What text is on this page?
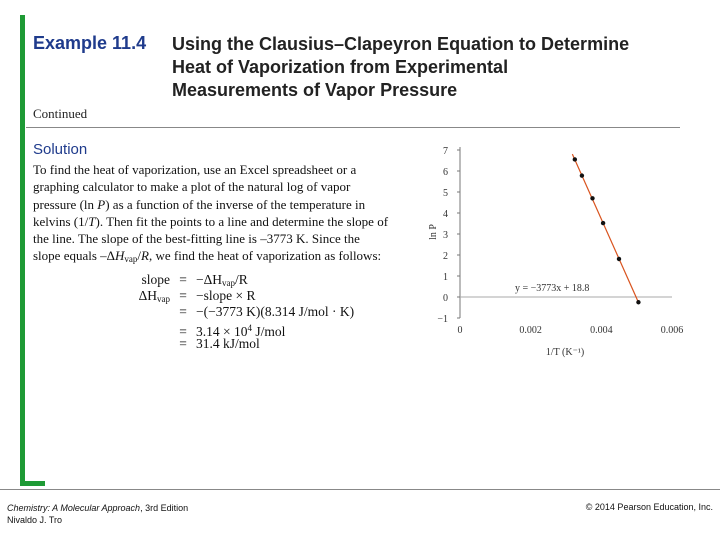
Example 11.4 Using the Clausius–Clapeyron Equation to Determine
Heat of Vaporization from Experimental
Measurements of Vapor Pressure
Continued
Solution

To find the heat of vaporization, use an Excel spreadsheet or a

graphing calculator to make a plot of the natural log of vapor

pressure (ln P) as a function of the inverse of the temperature in

kelvins (1/T). Then fit the points to a line and determine the slope of

the line. The slope of the best-fitting line is –3773 K. Since the

slope equals $-\Delta H_{vap}/R$, we find the heat of vaporization as follows:

slope = $-\Delta H_{vap}/R$
$\Delta H_{vap}$ = −slope × R
= −(−3773 K)(8.314 J/mol · K)
= $3.14 \times 10^4$ J/mol
= 31.4 kJ/mol
−1
0
1
2
3
4
5
6
7
0	0.002	0.004	0.006
1/T (K⁻¹)
ln P
y = −3773x + 18.8
Chemistry: A Molecular Approach, 3rd Edition
Nivaldo J. Tro
© 2014 Pearson Education, Inc.
